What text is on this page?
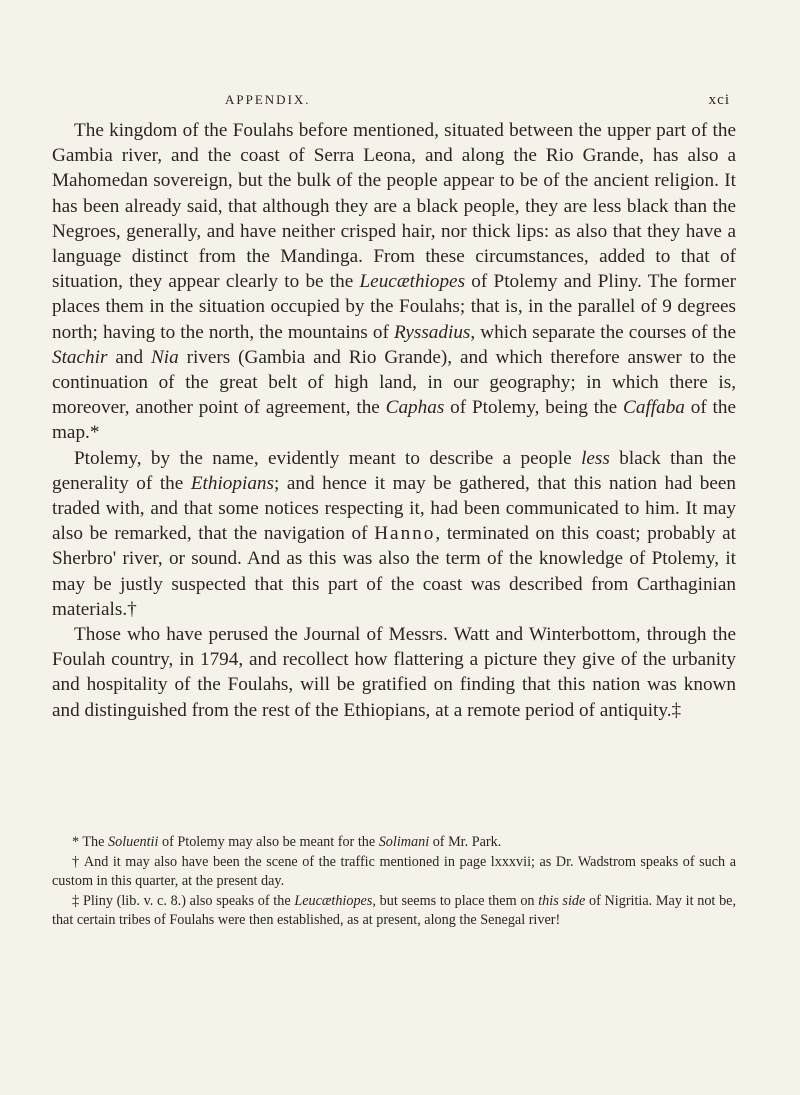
APPENDIX.	xci

The kingdom of the Foulahs before mentioned, situated between the upper part of the Gambia river, and the coast of Serra Leona, and along the Rio Grande, has also a Mahomedan sovereign, but the bulk of the people appear to be of the ancient religion. It has been already said, that although they are a black people, they are less black than the Negroes, generally, and have neither crisped hair, nor thick lips: as also that they have a language distinct from the Mandinga. From these circumstances, added to that of situation, they appear clearly to be the Leucæthiopes of Ptolemy and Pliny. The former places them in the situation occupied by the Foulahs; that is, in the parallel of 9 degrees north; having to the north, the mountains of Ryssadius, which separate the courses of the Stachir and Nia rivers (Gambia and Rio Grande), and which therefore answer to the continuation of the great belt of high land, in our geography; in which there is, moreover, another point of agreement, the Caphas of Ptolemy, being the Caffaba of the map.*

Ptolemy, by the name, evidently meant to describe a people less black than the generality of the Ethiopians; and hence it may be gathered, that this nation had been traded with, and that some notices respecting it, had been communicated to him. It may also be remarked, that the navigation of Hanno, terminated on this coast; probably at Sherbro' river, or sound. And as this was also the term of the knowledge of Ptolemy, it may be justly suspected that this part of the coast was described from Carthaginian materials.†

Those who have perused the Journal of Messrs. Watt and Winterbottom, through the Foulah country, in 1794, and recollect how flattering a picture they give of the urbanity and hospitality of the Foulahs, will be gratified on finding that this nation was known and distinguished from the rest of the Ethiopians, at a remote period of antiquity.‡

* The Soluentii of Ptolemy may also be meant for the Solimani of Mr. Park.

† And it may also have been the scene of the traffic mentioned in page lxxxvii; as Dr. Wadstrom speaks of such a custom in this quarter, at the present day.

‡ Pliny (lib. v. c. 8.) also speaks of the Leucæthiopes, but seems to place them on this side of Nigritia. May it not be, that certain tribes of Foulahs were then established, as at present, along the Senegal river!
